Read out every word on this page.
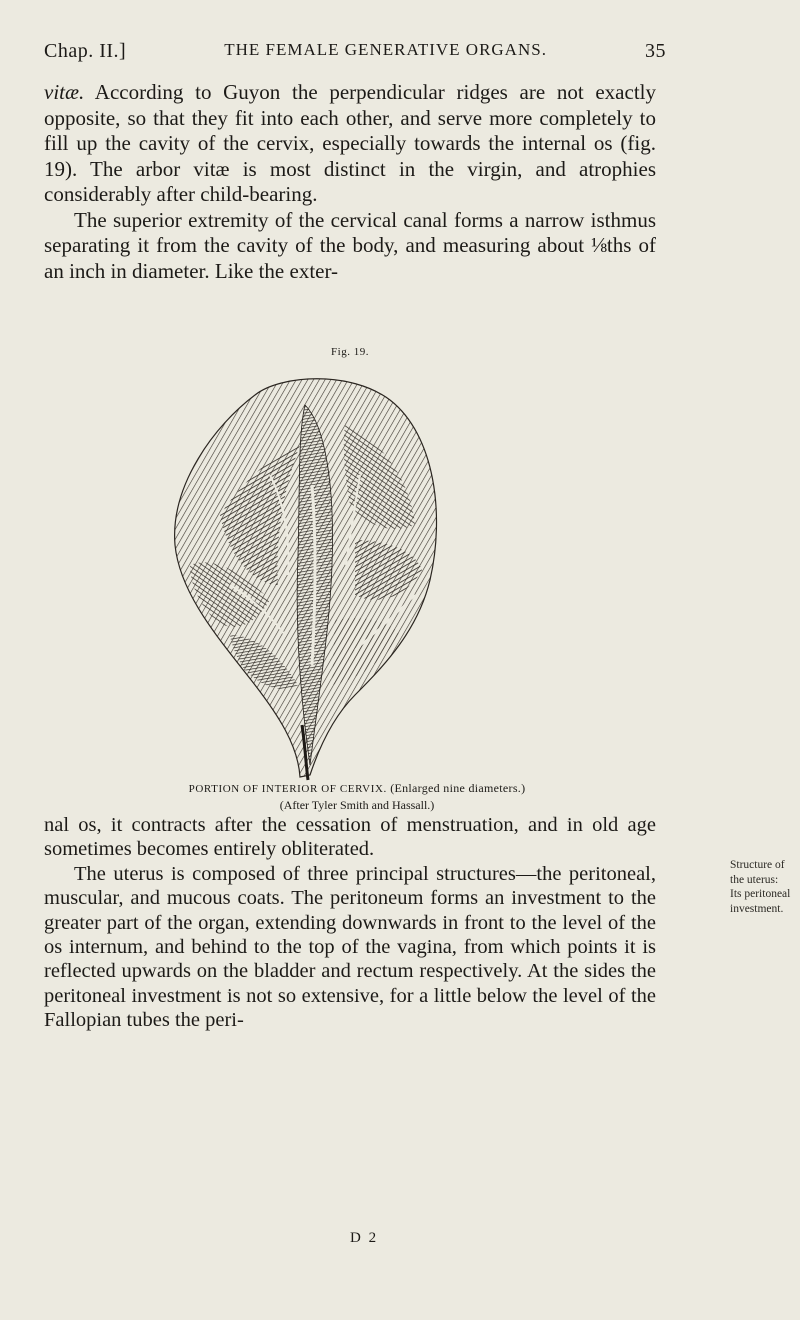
Chap. II.]	THE FEMALE GENERATIVE ORGANS.	35

vitæ. According to Guyon the perpendicular ridges are not exactly opposite, so that they fit into each other, and serve more completely to fill up the cavity of the cervix, especially towards the internal os (fig. 19). The arbor vitæ is most distinct in the virgin, and atrophies considerably after child-bearing.

The superior extremity of the cervical canal forms a narrow isthmus separating it from the cavity of the body, and measuring about ⅛ths of an inch in diameter. Like the exter-

Fig. 19.
PORTION OF INTERIOR OF CERVIX. (Enlarged nine diameters.)
(After Tyler Smith and Hassall.)

nal os, it contracts after the cessation of menstruation, and in old age sometimes becomes entirely obliterated.

The uterus is composed of three principal structures—the peritoneal, muscular, and mucous coats. The peritoneum forms an investment to the greater part of the organ, extending downwards in front to the level of the os internum, and behind to the top of the vagina, from which points it is reflected upwards on the bladder and rectum respectively. At the sides the peritoneal investment is not so extensive, for a little below the level of the Fallopian tubes the peri-

Structure of the uterus: Its peritoneal investment.
D 2
